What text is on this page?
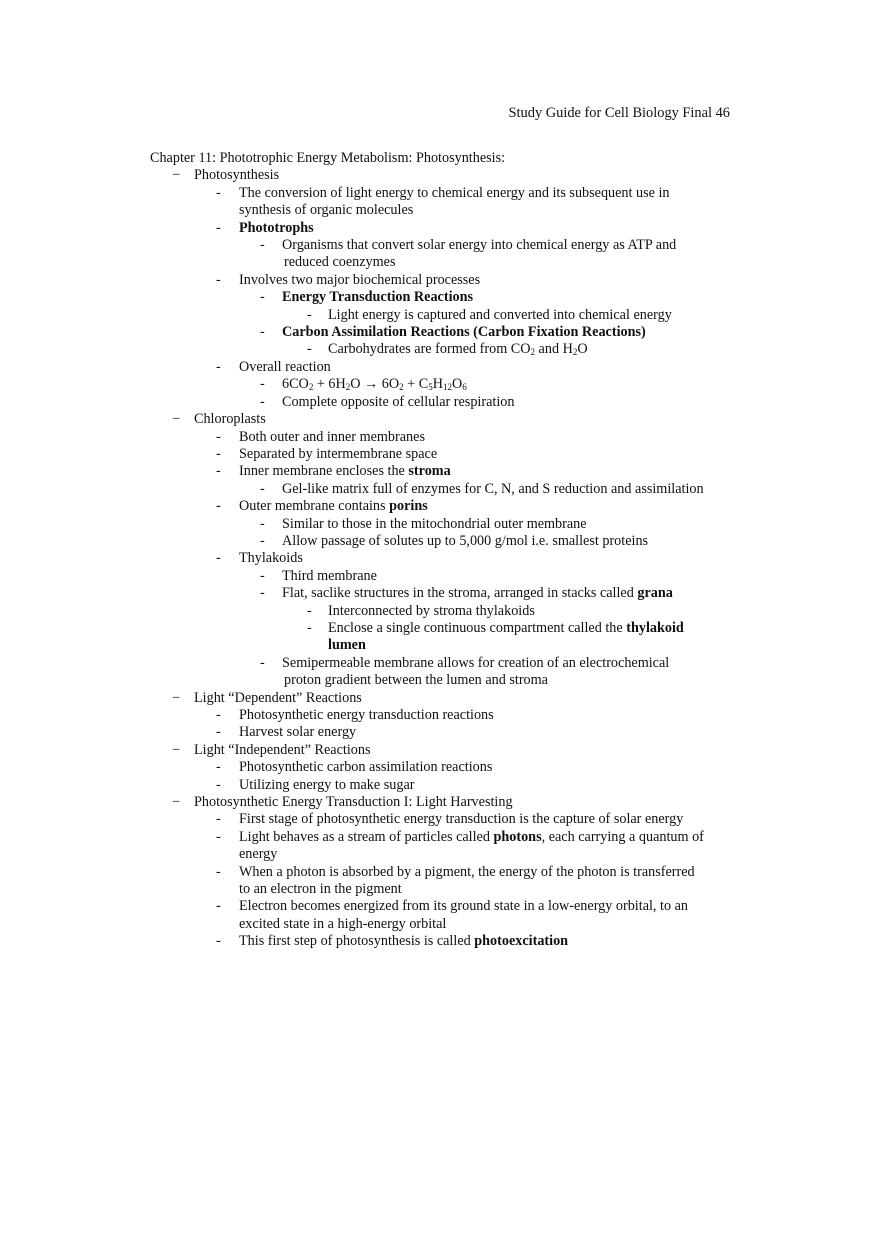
Study Guide for Cell Biology Final 46
Chapter 11: Phototrophic Energy Metabolism: Photosynthesis:
− Photosynthesis
- The conversion of light energy to chemical energy and its subsequent use in
synthesis of organic molecules
- Phototrophs
- Organisms that convert solar energy into chemical energy as ATP and
reduced coenzymes
- Involves two major biochemical processes
- Energy Transduction Reactions
- Light energy is captured and converted into chemical energy
- Carbon Assimilation Reactions (Carbon Fixation Reactions)
- Carbohydrates are formed from $CO_2$ and $H_2O$
- Overall reaction
- $6CO_2 + 6H_2O \to 6O_2 + C_5H_{12}O_6$
- Complete opposite of cellular respiration
− Chloroplasts
- Both outer and inner membranes
- Separated by intermembrane space
- Inner membrane encloses the stroma
- Gel-like matrix full of enzymes for C, N, and S reduction and assimilation
- Outer membrane contains porins
- Similar to those in the mitochondrial outer membrane
- Allow passage of solutes up to 5,000 g/mol i.e. smallest proteins
- Thylakoids
- Third membrane
- Flat, saclike structures in the stroma, arranged in stacks called grana
- Interconnected by stroma thylakoids
- Enclose a single continuous compartment called the thylakoid
lumen
- Semipermeable membrane allows for creation of an electrochemical
proton gradient between the lumen and stroma
− Light “Dependent” Reactions
- Photosynthetic energy transduction reactions
- Harvest solar energy
− Light “Independent” Reactions
- Photosynthetic carbon assimilation reactions
- Utilizing energy to make sugar
− Photosynthetic Energy Transduction I: Light Harvesting
- First stage of photosynthetic energy transduction is the capture of solar energy
- Light behaves as a stream of particles called photons, each carrying a quantum of
energy
- When a photon is absorbed by a pigment, the energy of the photon is transferred
to an electron in the pigment
- Electron becomes energized from its ground state in a low-energy orbital, to an
excited state in a high-energy orbital
- This first step of photosynthesis is called photoexcitation
